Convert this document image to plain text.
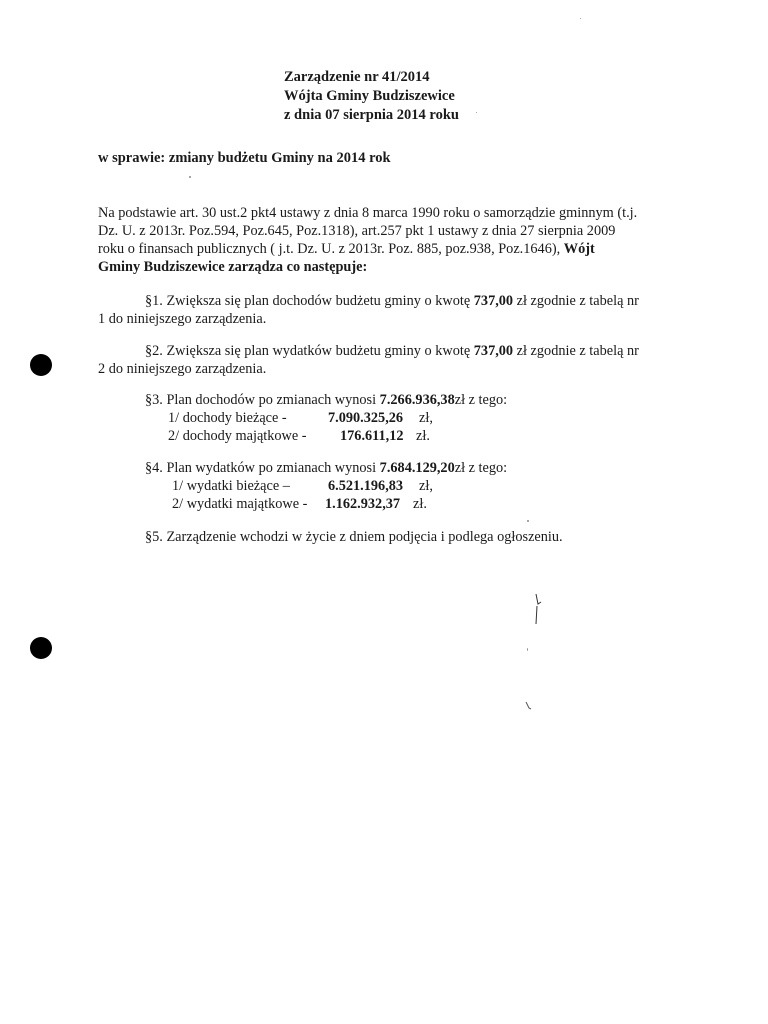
Zarządzenie nr 41/2014
Wójta Gminy Budziszewice
z dnia 07 sierpnia 2014 roku
w sprawie: zmiany budżetu Gminy na 2014 rok
Na podstawie art. 30 ust.2 pkt4 ustawy z dnia 8 marca 1990 roku o samorządzie gminnym (t.j.
Dz. U. z 2013r. Poz.594, Poz.645, Poz.1318), art.257 pkt 1 ustawy z dnia 27 sierpnia 2009
roku o finansach publicznych ( j.t. Dz. U. z 2013r. Poz. 885, poz.938, Poz.1646), Wójt
Gminy Budziszewice zarządza co następuje:
§1. Zwiększa się plan dochodów budżetu gminy o kwotę 737,00 zł zgodnie z tabelą nr
1 do niniejszego zarządzenia.
§2. Zwiększa się plan wydatków budżetu gminy o kwotę 737,00 zł zgodnie z tabelą nr
2 do niniejszego zarządzenia.
§3. Plan dochodów po zmianach wynosi 7.266.936,38zł z tego:
1/ dochody bieżące -	7.090.325,26 zł,
2/ dochody majątkowe - 176.611,12 zł.
§4. Plan wydatków po zmianach wynosi 7.684.129,20zł z tego:
1/ wydatki bieżące –	6.521.196,83 zł,
2/ wydatki majątkowe - 1.162.932,37 zł.
§5. Zarządzenie wchodzi w życie z dniem podjęcia i podlega ogłoszeniu.
